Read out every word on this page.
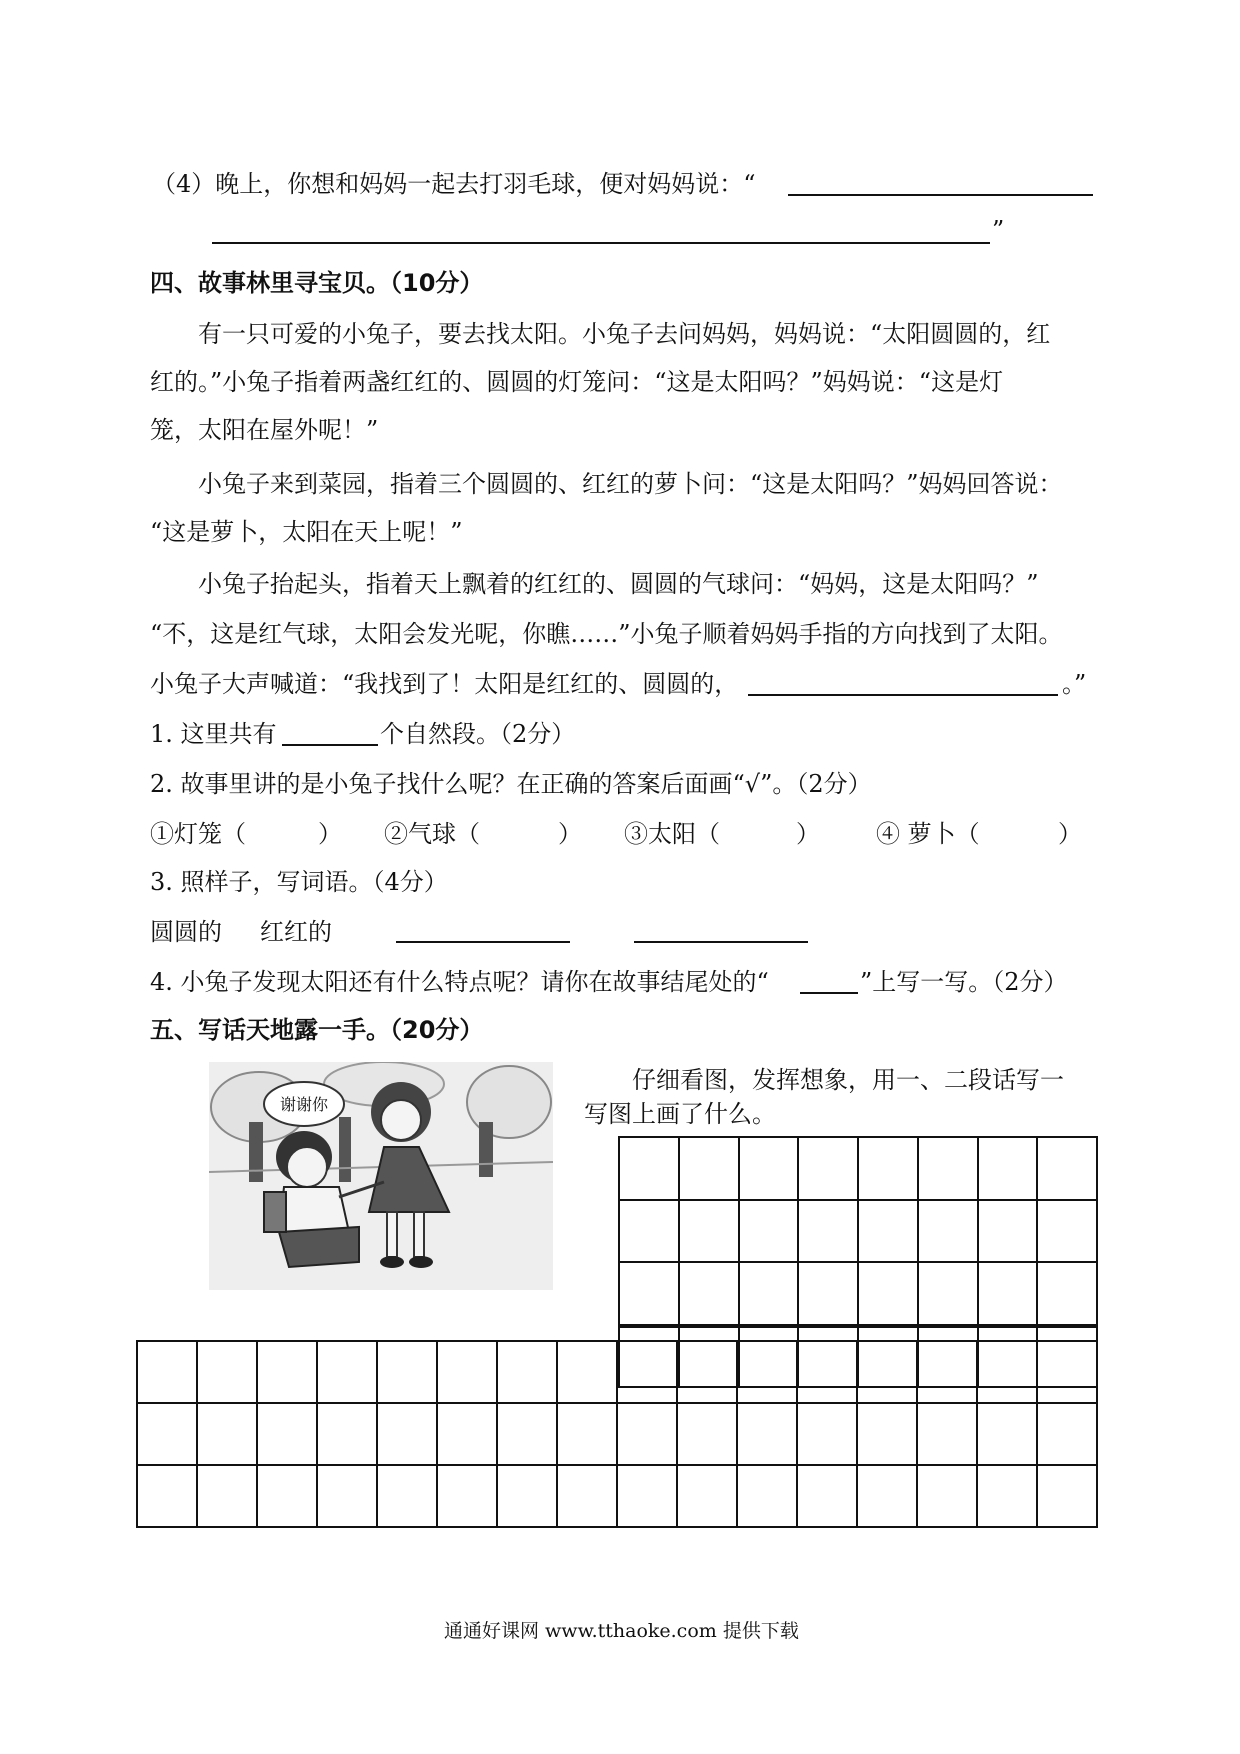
（4）晚上，你想和妈妈一起去打羽毛球，便对妈妈说：“
”
四、故事林里寻宝贝。（10分）
有一只可爱的小兔子，要去找太阳。小兔子去问妈妈，妈妈说：“太阳圆圆的，红
红的。”小兔子指着两盏红红的、圆圆的灯笼问：“这是太阳吗？”妈妈说：“这是灯
笼，太阳在屋外呢！”
小兔子来到菜园，指着三个圆圆的、红红的萝卜问：“这是太阳吗？”妈妈回答说：
“这是萝卜，太阳在天上呢！”
小兔子抬起头，指着天上飘着的红红的、圆圆的气球问：“妈妈，这是太阳吗？”
“不，这是红气球，太阳会发光呢，你瞧……”小兔子顺着妈妈手指的方向找到了太阳。
小兔子大声喊道：“我找到了！太阳是红红的、圆圆的，	。”
1. 这里共有	个自然段。（2分）
2. 故事里讲的是小兔子找什么呢？在正确的答案后面画“√”。（2分）
①灯笼（	） ②气球（	） ③太阳（	） ④ 萝卜（	）
3. 照样子，写词语。（4分）
圆圆的 红红的
4. 小兔子发现太阳还有什么特点呢？请你在故事结尾处的“	”上写一写。（2分）
五、写话天地露一手。（20分）
仔细看图，发挥想象，用一、二段话写一
写图上画了什么。
谢谢你
通通好课网 www.tthaoke.com 提供下载
